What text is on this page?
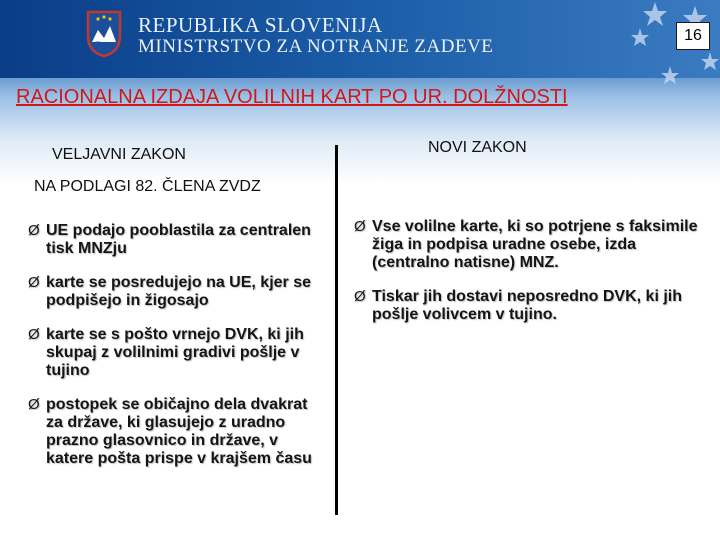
REPUBLIKA SLOVENIJA
MINISTRSTVO ZA NOTRANJE ZADEVE
16
RACIONALNA IZDAJA VOLILNIH KART PO UR. DOLŽNOSTI
VELJAVNI ZAKON	NOVI ZAKON
NA PODLAGI 82. ČLENA ZVDZ
Ø UE podajo pooblastila za centralen tisk MNZju
Ø karte se posredujejo na UE, kjer se podpišejo in žigosajo
Ø karte se s pošto vrnejo DVK, ki jih skupaj z volilnimi gradivi pošlje v tujino
Ø postopek se običajno dela dvakrat za države, ki glasujejo z uradno prazno glasovnico in države, v katere pošta prispe v krajšem času
Ø Vse volilne karte, ki so potrjene s faksimile žiga in podpisa uradne osebe, izda (centralno natisne) MNZ.
Ø Tiskar jih dostavi neposredno DVK, ki jih pošlje volivcem v tujino.
